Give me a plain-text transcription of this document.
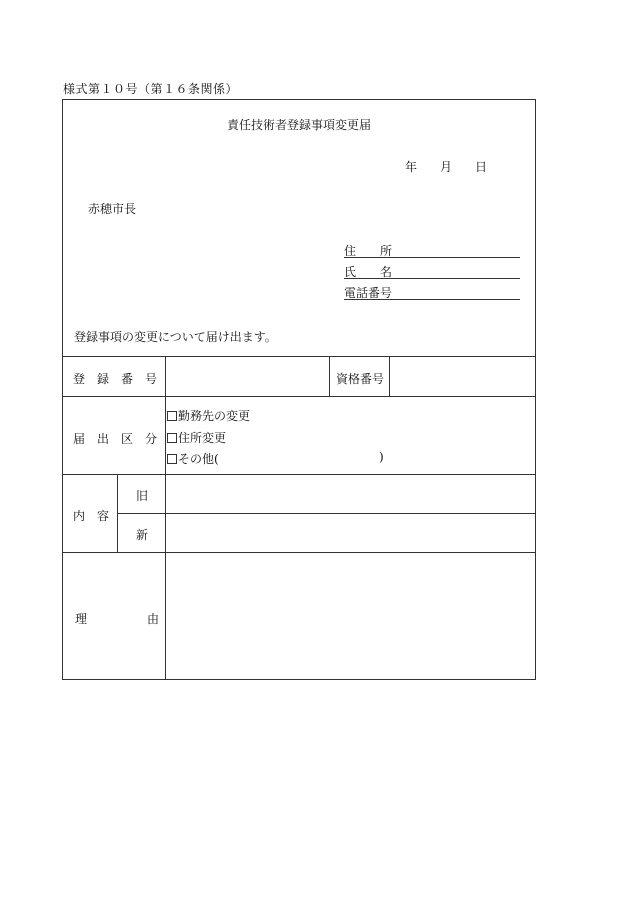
様式第１０号（第１６条関係）
責任技術者登録事項変更届
年 月 日
赤穂市長
住　　所
氏　　名
電話番号
登録事項の変更について届け出ます。
登　録　番　号	資格番号
届　出　区　分
勤務先の変更
住所変更
その他(	)
内　容
旧
新
理　　　　　由
